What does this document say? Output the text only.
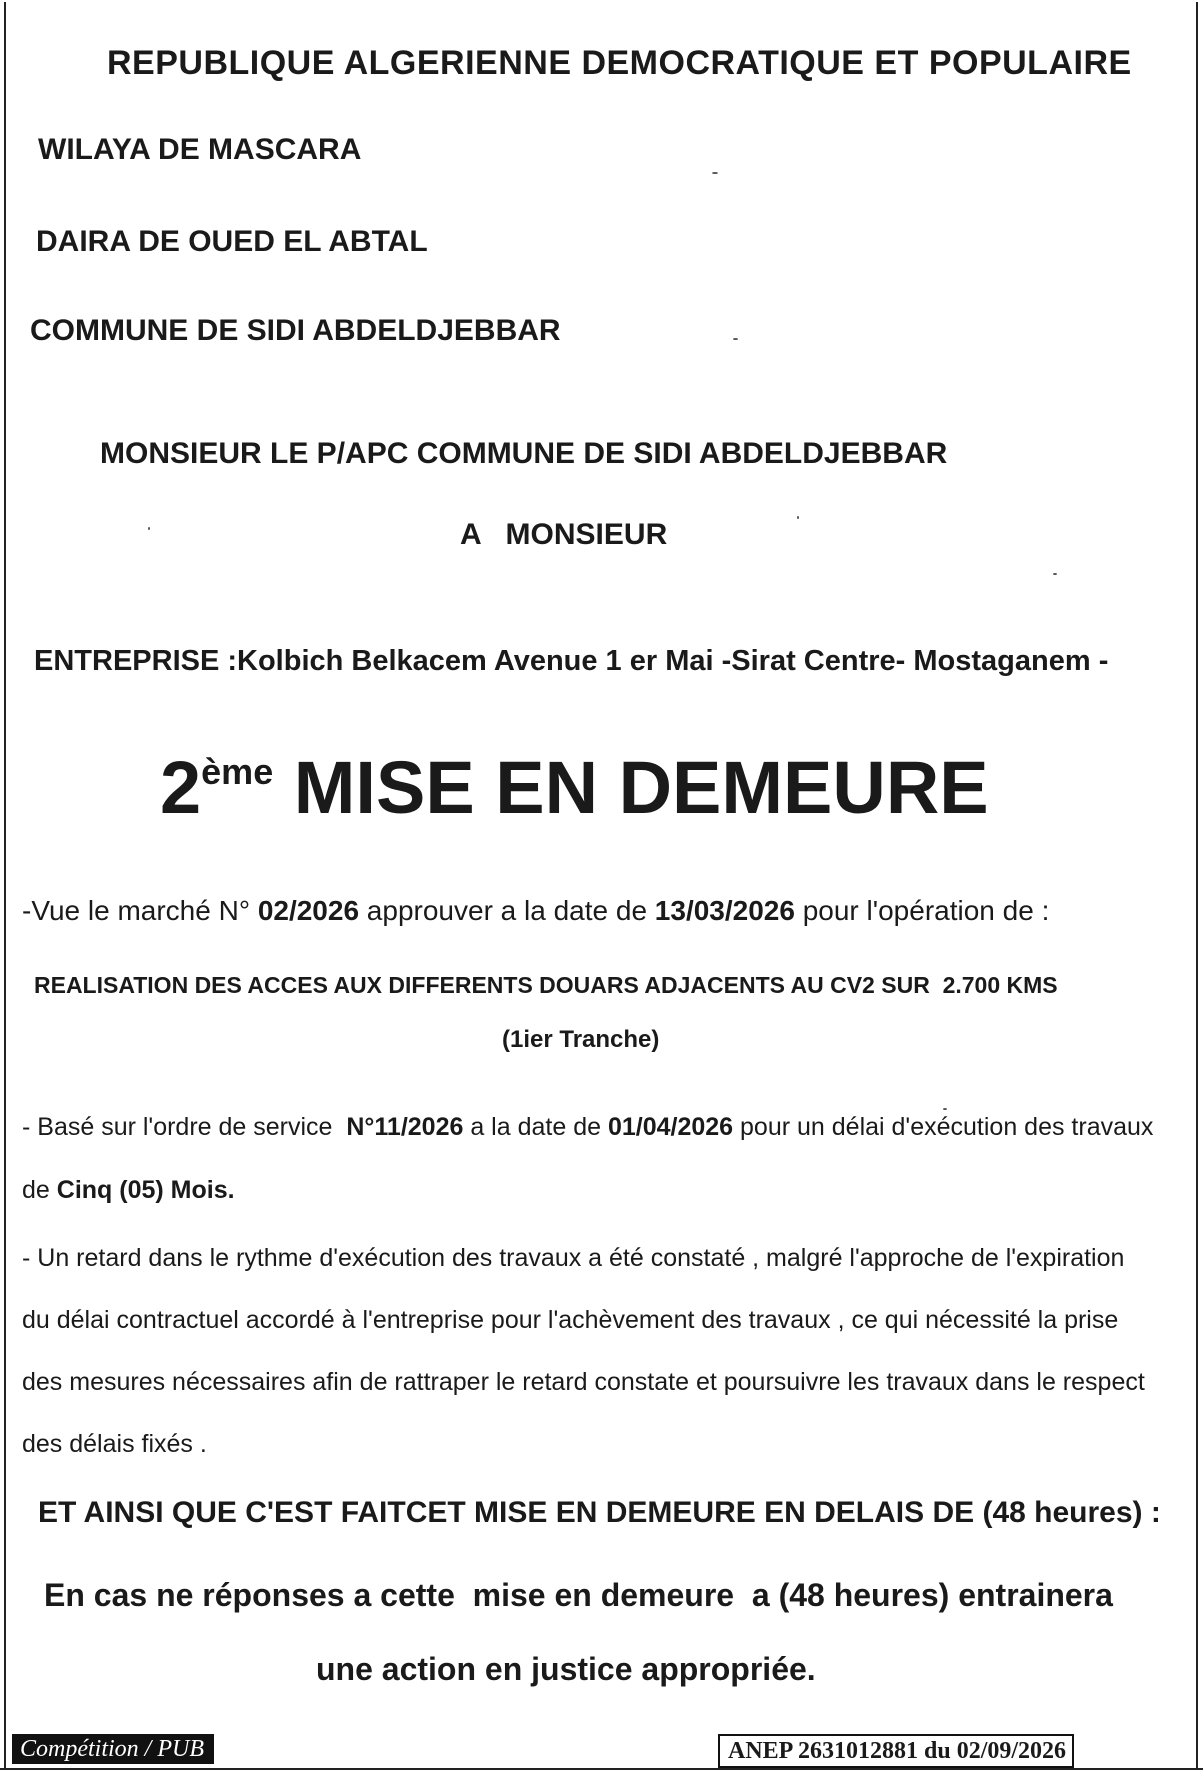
REPUBLIQUE ALGERIENNE DEMOCRATIQUE ET POPULAIRE
WILAYA DE MASCARA
DAIRA DE OUED EL ABTAL
COMMUNE DE SIDI ABDELDJEBBAR
MONSIEUR LE P/APC COMMUNE DE SIDI ABDELDJEBBAR
A   MONSIEUR
ENTREPRISE :Kolbich Belkacem Avenue 1 er Mai -Sirat Centre- Mostaganem -
2ème MISE EN DEMEURE
-Vue le marché N° 02/2026 approuver a la date de 13/03/2026 pour l'opération de :
REALISATION DES ACCES AUX DIFFERENTS DOUARS ADJACENTS AU CV2 SUR  2.700 KMS
(1ier Tranche)
- Basé sur l'ordre de service  N°11/2026 a la date de 01/04/2026 pour un délai d'exécution des travaux
de Cinq (05) Mois.
- Un retard dans le rythme d'exécution des travaux a été constaté , malgré l'approche de l'expiration
du délai contractuel accordé à l'entreprise pour l'achèvement des travaux , ce qui nécessité la prise
des mesures nécessaires afin de rattraper le retard constate et poursuivre les travaux dans le respect
des délais fixés .
ET AINSI QUE C'EST FAITCET MISE EN DEMEURE EN DELAIS DE (48 heures) :
En cas ne réponses a cette  mise en demeure  a (48 heures) entrainera
une action en justice appropriée.
Compétition / PUB	ANEP 2631012881 du 02/09/2026
